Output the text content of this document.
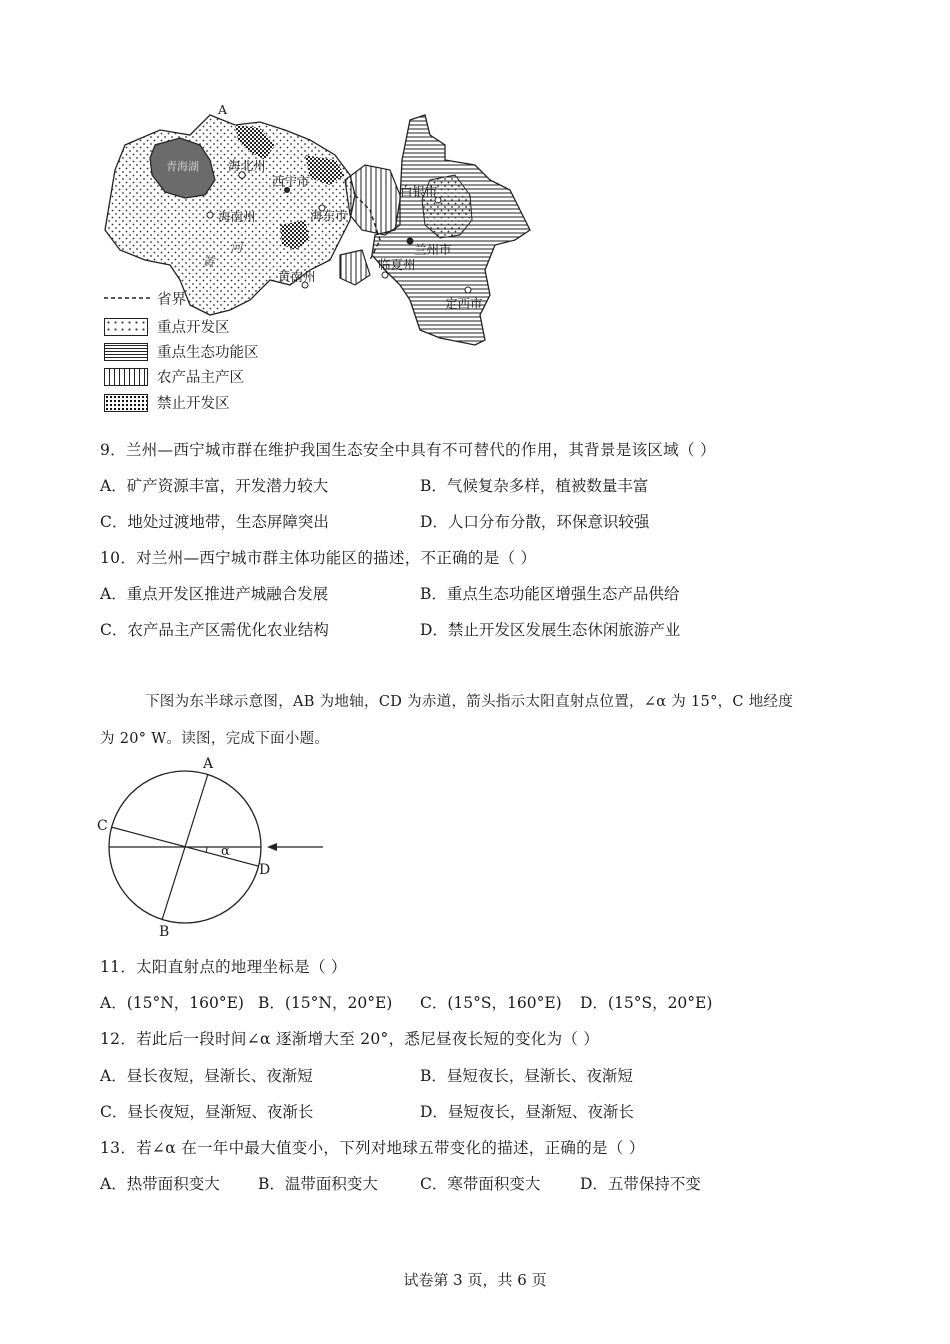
A
海北州
西宁市
海南州	海东市
白银市
兰州市
临夏州
黄南州
定西市
青海湖
河
黄
省界
重点开发区
重点生态功能区
农产品主产区
禁止开发区
9．兰州—西宁城市群在维护我国生态安全中具有不可替代的作用，其背景是该区域（ ）
A．矿产资源丰富，开发潜力较大	B．气候复杂多样，植被数量丰富
C．地处过渡地带，生态屏障突出	D．人口分布分散，环保意识较强
10．对兰州—西宁城市群主体功能区的描述，不正确的是（ ）
A．重点开发区推进产城融合发展	B．重点生态功能区增强生态产品供给
C．农产品主产区需优化农业结构	D．禁止开发区发展生态休闲旅游产业
下图为东半球示意图，AB 为地轴，CD 为赤道，箭头指示太阳直射点位置，∠α 为 15°，C 地经度
为 20° W。读图，完成下面小题。
A
B
C
D
α
11．太阳直射点的地理坐标是（ ）
A．(15°N，160°E) B．(15°N，20°E) C．(15°S，160°E) D．(15°S，20°E)
12．若此后一段时间∠α 逐渐增大至 20°，悉尼昼夜长短的变化为（ ）
A．昼长夜短，昼渐长、夜渐短	B．昼短夜长，昼渐长、夜渐短
C．昼长夜短，昼渐短、夜渐长	D．昼短夜长，昼渐短、夜渐长
13．若∠α 在一年中最大值变小，下列对地球五带变化的描述，正确的是（ ）
A．热带面积变大 B．温带面积变大	C．寒带面积变大	D．五带保持不变
试卷第 3 页，共 6 页
